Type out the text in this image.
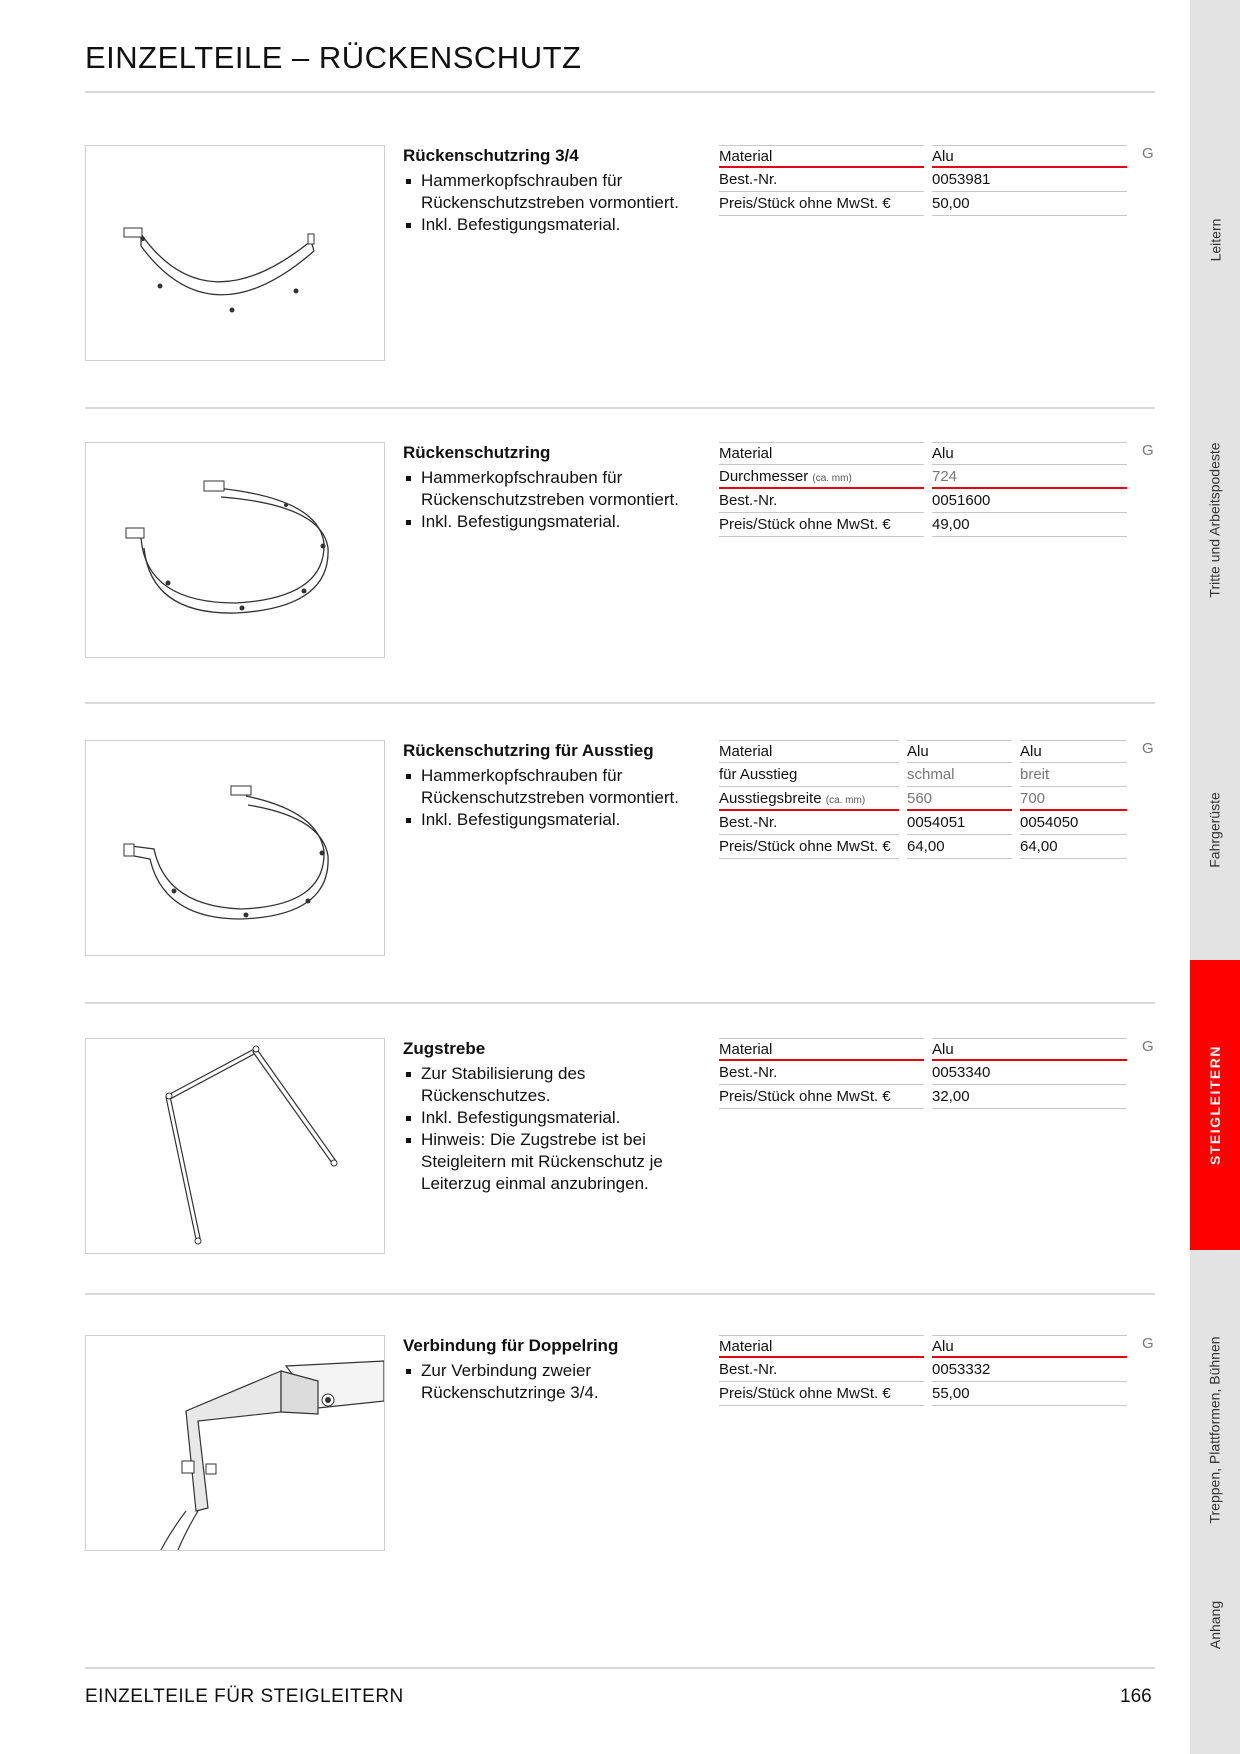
EINZELTEILE – RÜCKENSCHUTZ
Leitern
Tritte und Arbeitspodeste
Fahrgerüste
STEIGLEITERN
Treppen, Plattformen, Bühnen
Anhang

Rückenschutzring 3/4

Hammerkopfschrauben für Rückenschutzstreben vormontiert.
Inkl. Befestigungsmaterial.
Material	Alu
Best.-Nr.	0053981
Preis/Stück ohne MwSt. €	50,00
G

Rückenschutzring

Hammerkopfschrauben für Rückenschutzstreben vormontiert.
Inkl. Befestigungsmaterial.
Material	Alu
Durchmesser (ca. mm)	724
Best.-Nr.	0051600
Preis/Stück ohne MwSt. €	49,00
G

Rückenschutzring für Ausstieg

Hammerkopfschrauben für Rückenschutzstreben vormontiert.
Inkl. Befestigungsmaterial.
Material	Alu	Alu
für Ausstieg	schmal	breit
Ausstiegsbreite (ca. mm)	560	700
Best.-Nr.	0054051	0054050
Preis/Stück ohne MwSt. €	64,00	64,00
G

Zugstrebe

Zur Stabilisierung des Rückenschutzes.
Inkl. Befestigungsmaterial.
Hinweis: Die Zugstrebe ist bei Steigleitern mit Rückenschutz je Leiterzug einmal anzubringen.
Material	Alu
Best.-Nr.	0053340
Preis/Stück ohne MwSt. €	32,00
G

Verbindung für Doppelring

Zur Verbindung zweier Rückenschutzringe 3/4.
Material	Alu
Best.-Nr.	0053332
Preis/Stück ohne MwSt. €	55,00
G
EINZELTEILE FÜR STEIGLEITERN	166
